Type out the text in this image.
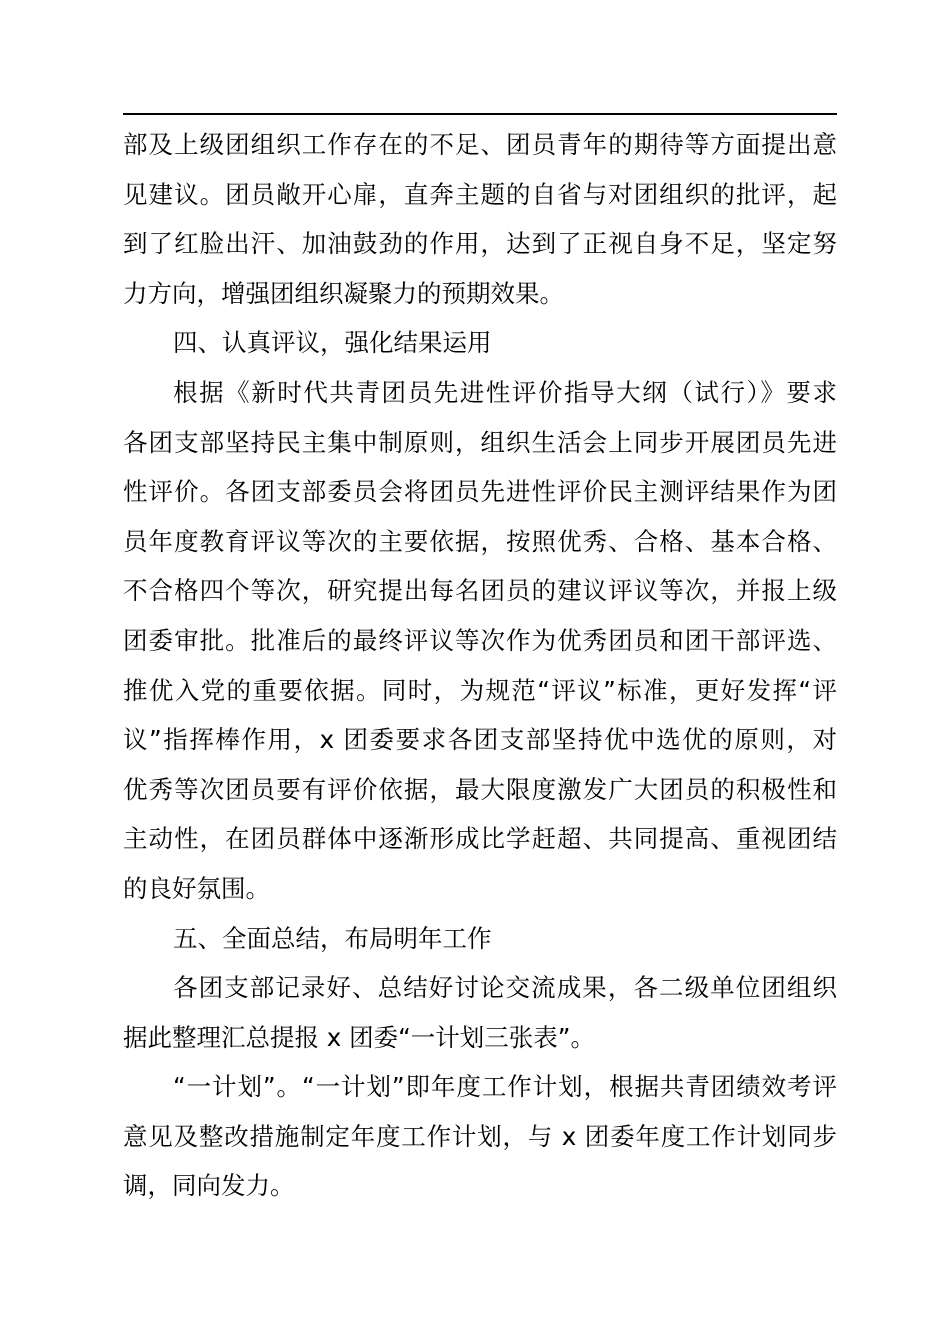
部及上级团组织工作存在的不足、团员青年的期待等方面提出意
见建议。团员敞开心扉，直奔主题的自省与对团组织的批评，起
到了红脸出汗、加油鼓劲的作用，达到了正视自身不足，坚定努
力方向，增强团组织凝聚力的预期效果。
四、认真评议，强化结果运用
根据《新时代共青团员先进性评价指导大纲（试行）》要求
各团支部坚持民主集中制原则，组织生活会上同步开展团员先进
性评价。各团支部委员会将团员先进性评价民主测评结果作为团
员年度教育评议等次的主要依据，按照优秀、合格、基本合格、
不合格四个等次，研究提出每名团员的建议评议等次，并报上级
团委审批。批准后的最终评议等次作为优秀团员和团干部评选、
推优入党的重要依据。同时，为规范“评议”标准，更好发挥“评
议”指挥棒作用，x 团委要求各团支部坚持优中选优的原则，对
优秀等次团员要有评价依据，最大限度激发广大团员的积极性和
主动性，在团员群体中逐渐形成比学赶超、共同提高、重视团结
的良好氛围。
五、全面总结，布局明年工作
各团支部记录好、总结好讨论交流成果，各二级单位团组织
据此整理汇总提报 x 团委“一计划三张表”。
“一计划”。“一计划”即年度工作计划，根据共青团绩效考评
意见及整改措施制定年度工作计划，与 x 团委年度工作计划同步
调，同向发力。
